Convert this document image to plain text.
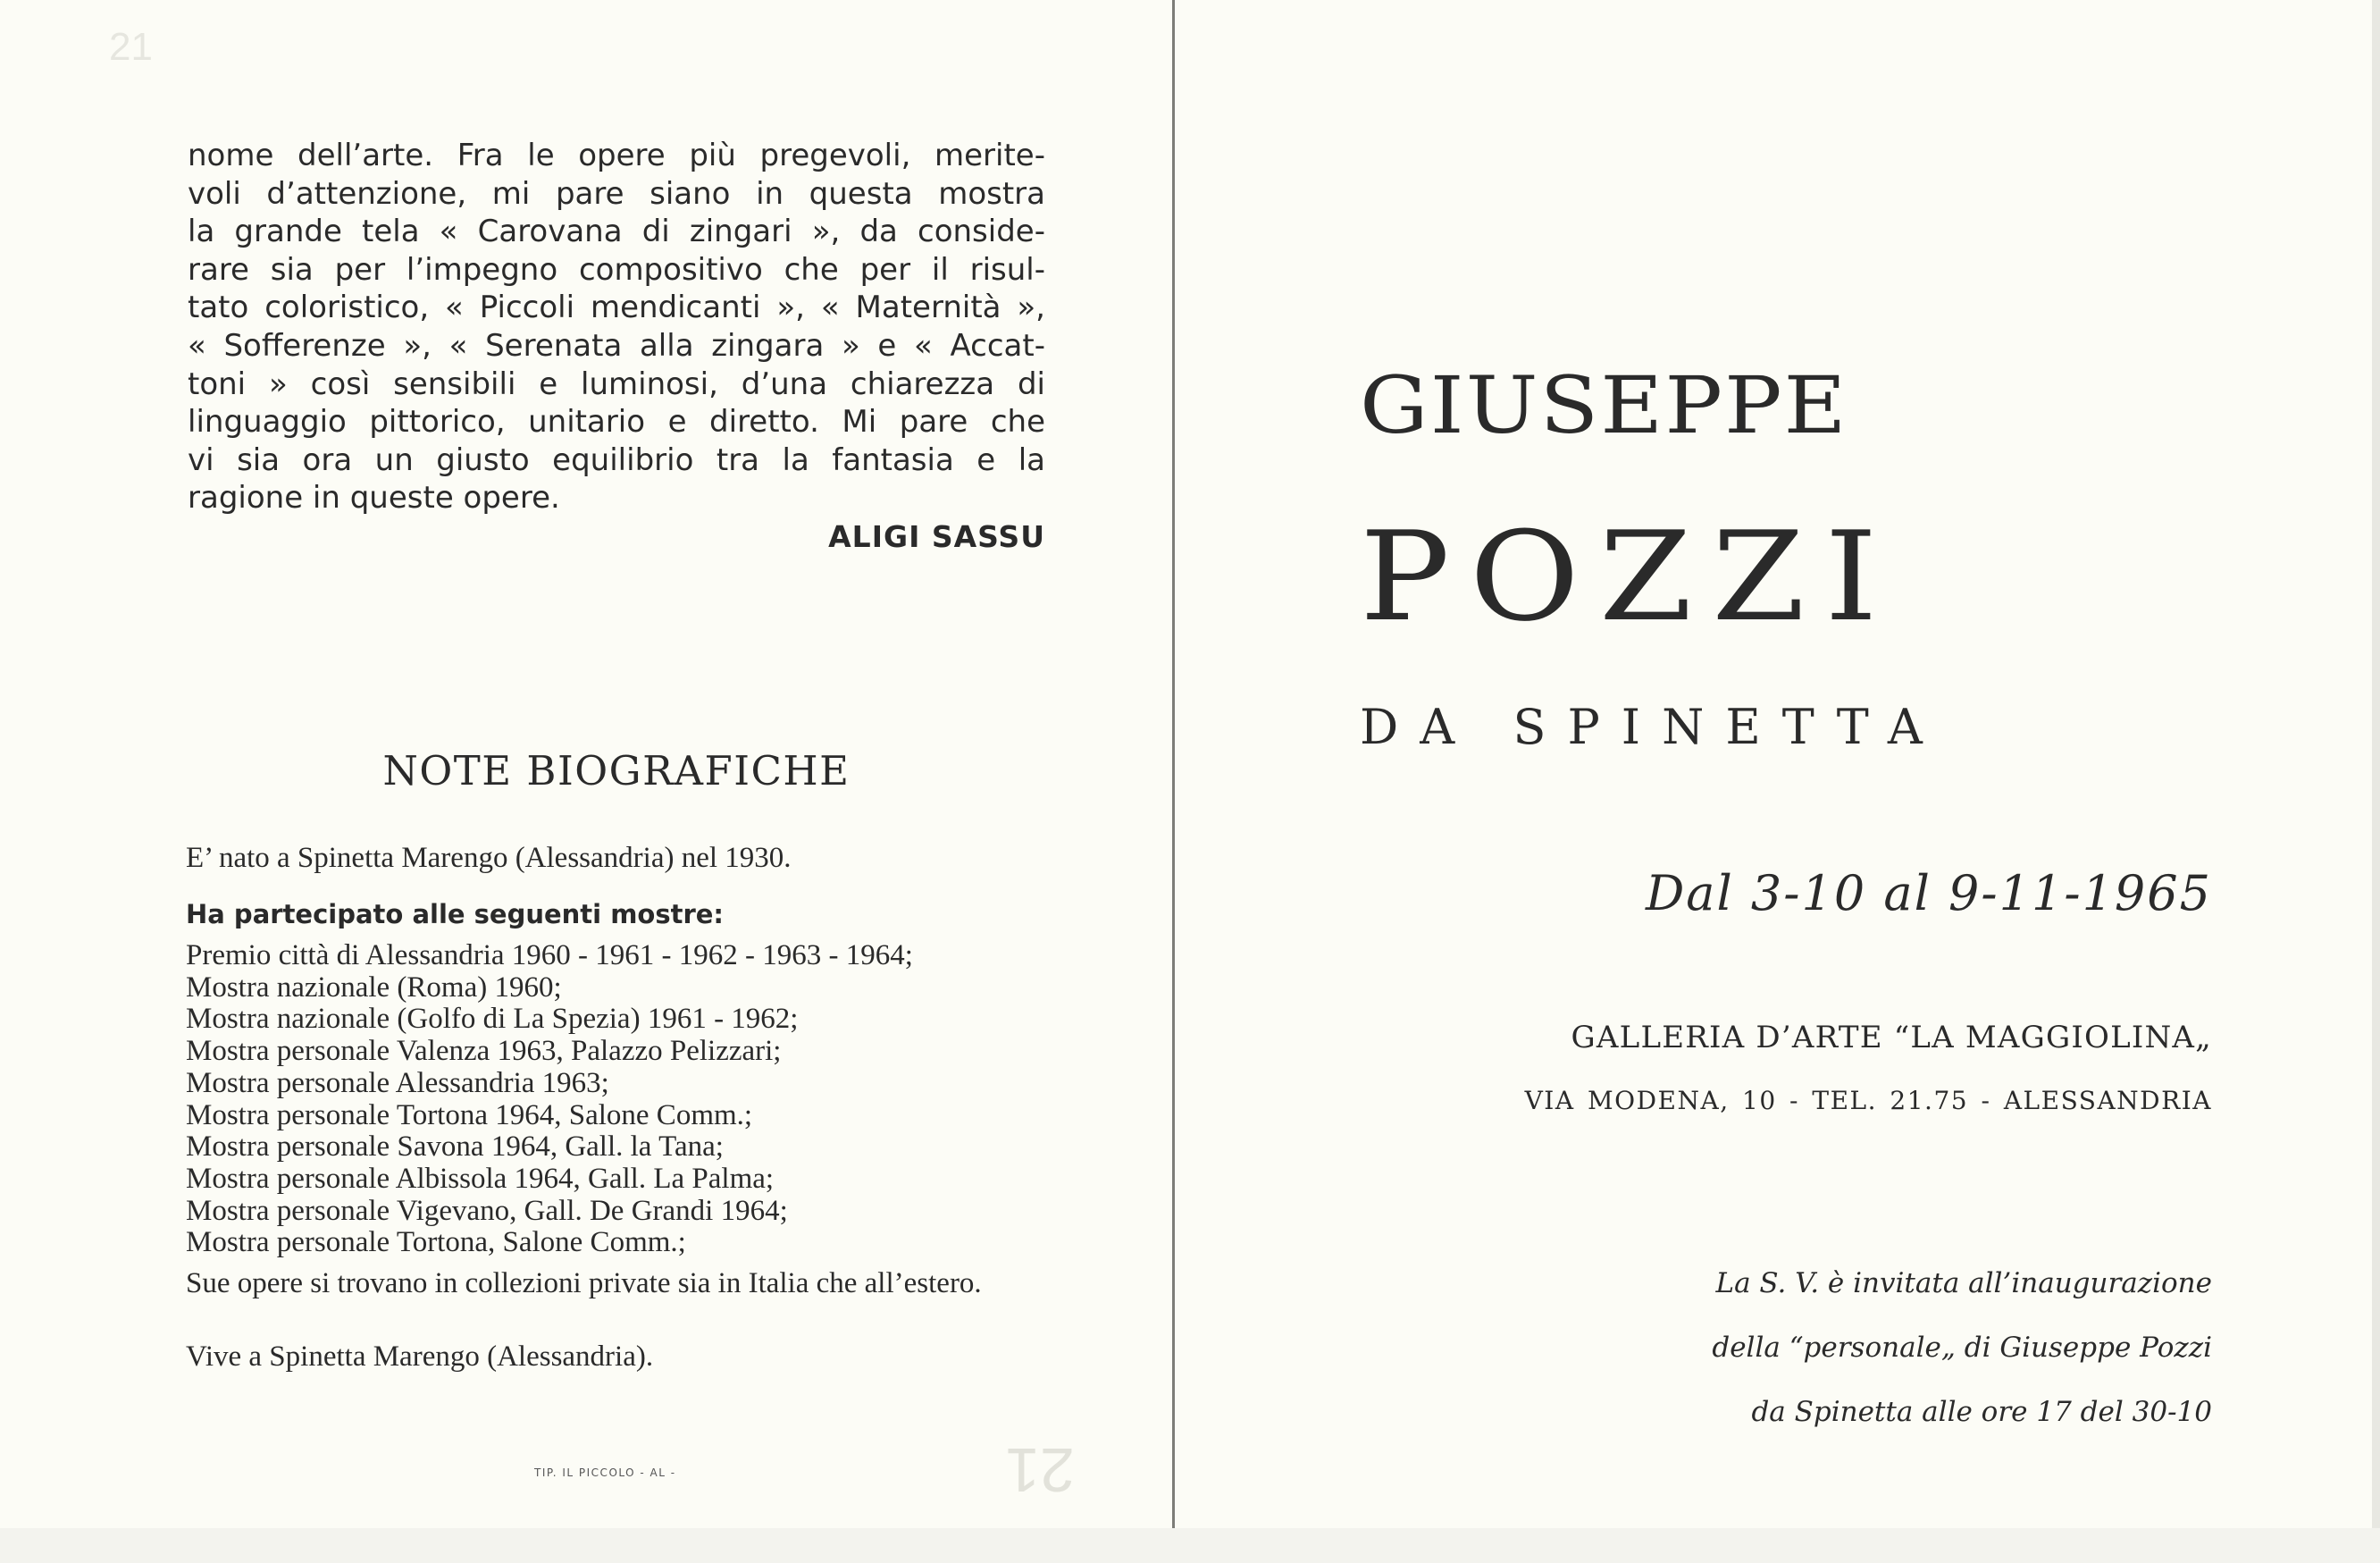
21
nome dell’arte. Fra le opere più pregevoli, merite-
voli d’attenzione, mi pare siano in questa mostra
la grande tela « Carovana di zingari », da conside-
rare sia per l’impegno compositivo che per il risul-
tato coloristico, « Piccoli mendicanti », « Maternità »,
« Sofferenze », « Serenata alla zingara » e « Accat-
toni » così sensibili e luminosi, d’una chiarezza di
linguaggio pittorico, unitario e diretto. Mi pare che
vi sia ora un giusto equilibrio tra la fantasia e la
ragione in queste opere.
ALIGI SASSU
NOTE BIOGRAFICHE
E’ nato a Spinetta Marengo (Alessandria) nel 1930.
Ha partecipato alle seguenti mostre:
Premio città di Alessandria 1960 - 1961 - 1962 - 1963 - 1964;
Mostra nazionale (Roma) 1960;
Mostra nazionale (Golfo di La Spezia) 1961 - 1962;
Mostra personale Valenza 1963, Palazzo Pelizzari;
Mostra personale Alessandria 1963;
Mostra personale Tortona 1964, Salone Comm.;
Mostra personale Savona 1964, Gall. la Tana;
Mostra personale Albissola 1964, Gall. La Palma;
Mostra personale Vigevano, Gall. De Grandi 1964;
Mostra personale Tortona, Salone Comm.;
Sue opere si trovano in collezioni private sia in Italia che all’estero.
Vive a Spinetta Marengo (Alessandria).
TIP. IL PICCOLO - AL -	21
GIUSEPPE
POZZI
DA SPINETTA
Dal 3-10 al 9-11-1965
GALLERIA D’ARTE “LA MAGGIOLINA„
VIA MODENA, 10 - TEL. 21.75 - ALESSANDRIA
La S. V. è invitata all’inaugurazione
della “personale„ di Giuseppe Pozzi
da Spinetta alle ore 17 del 30-10
